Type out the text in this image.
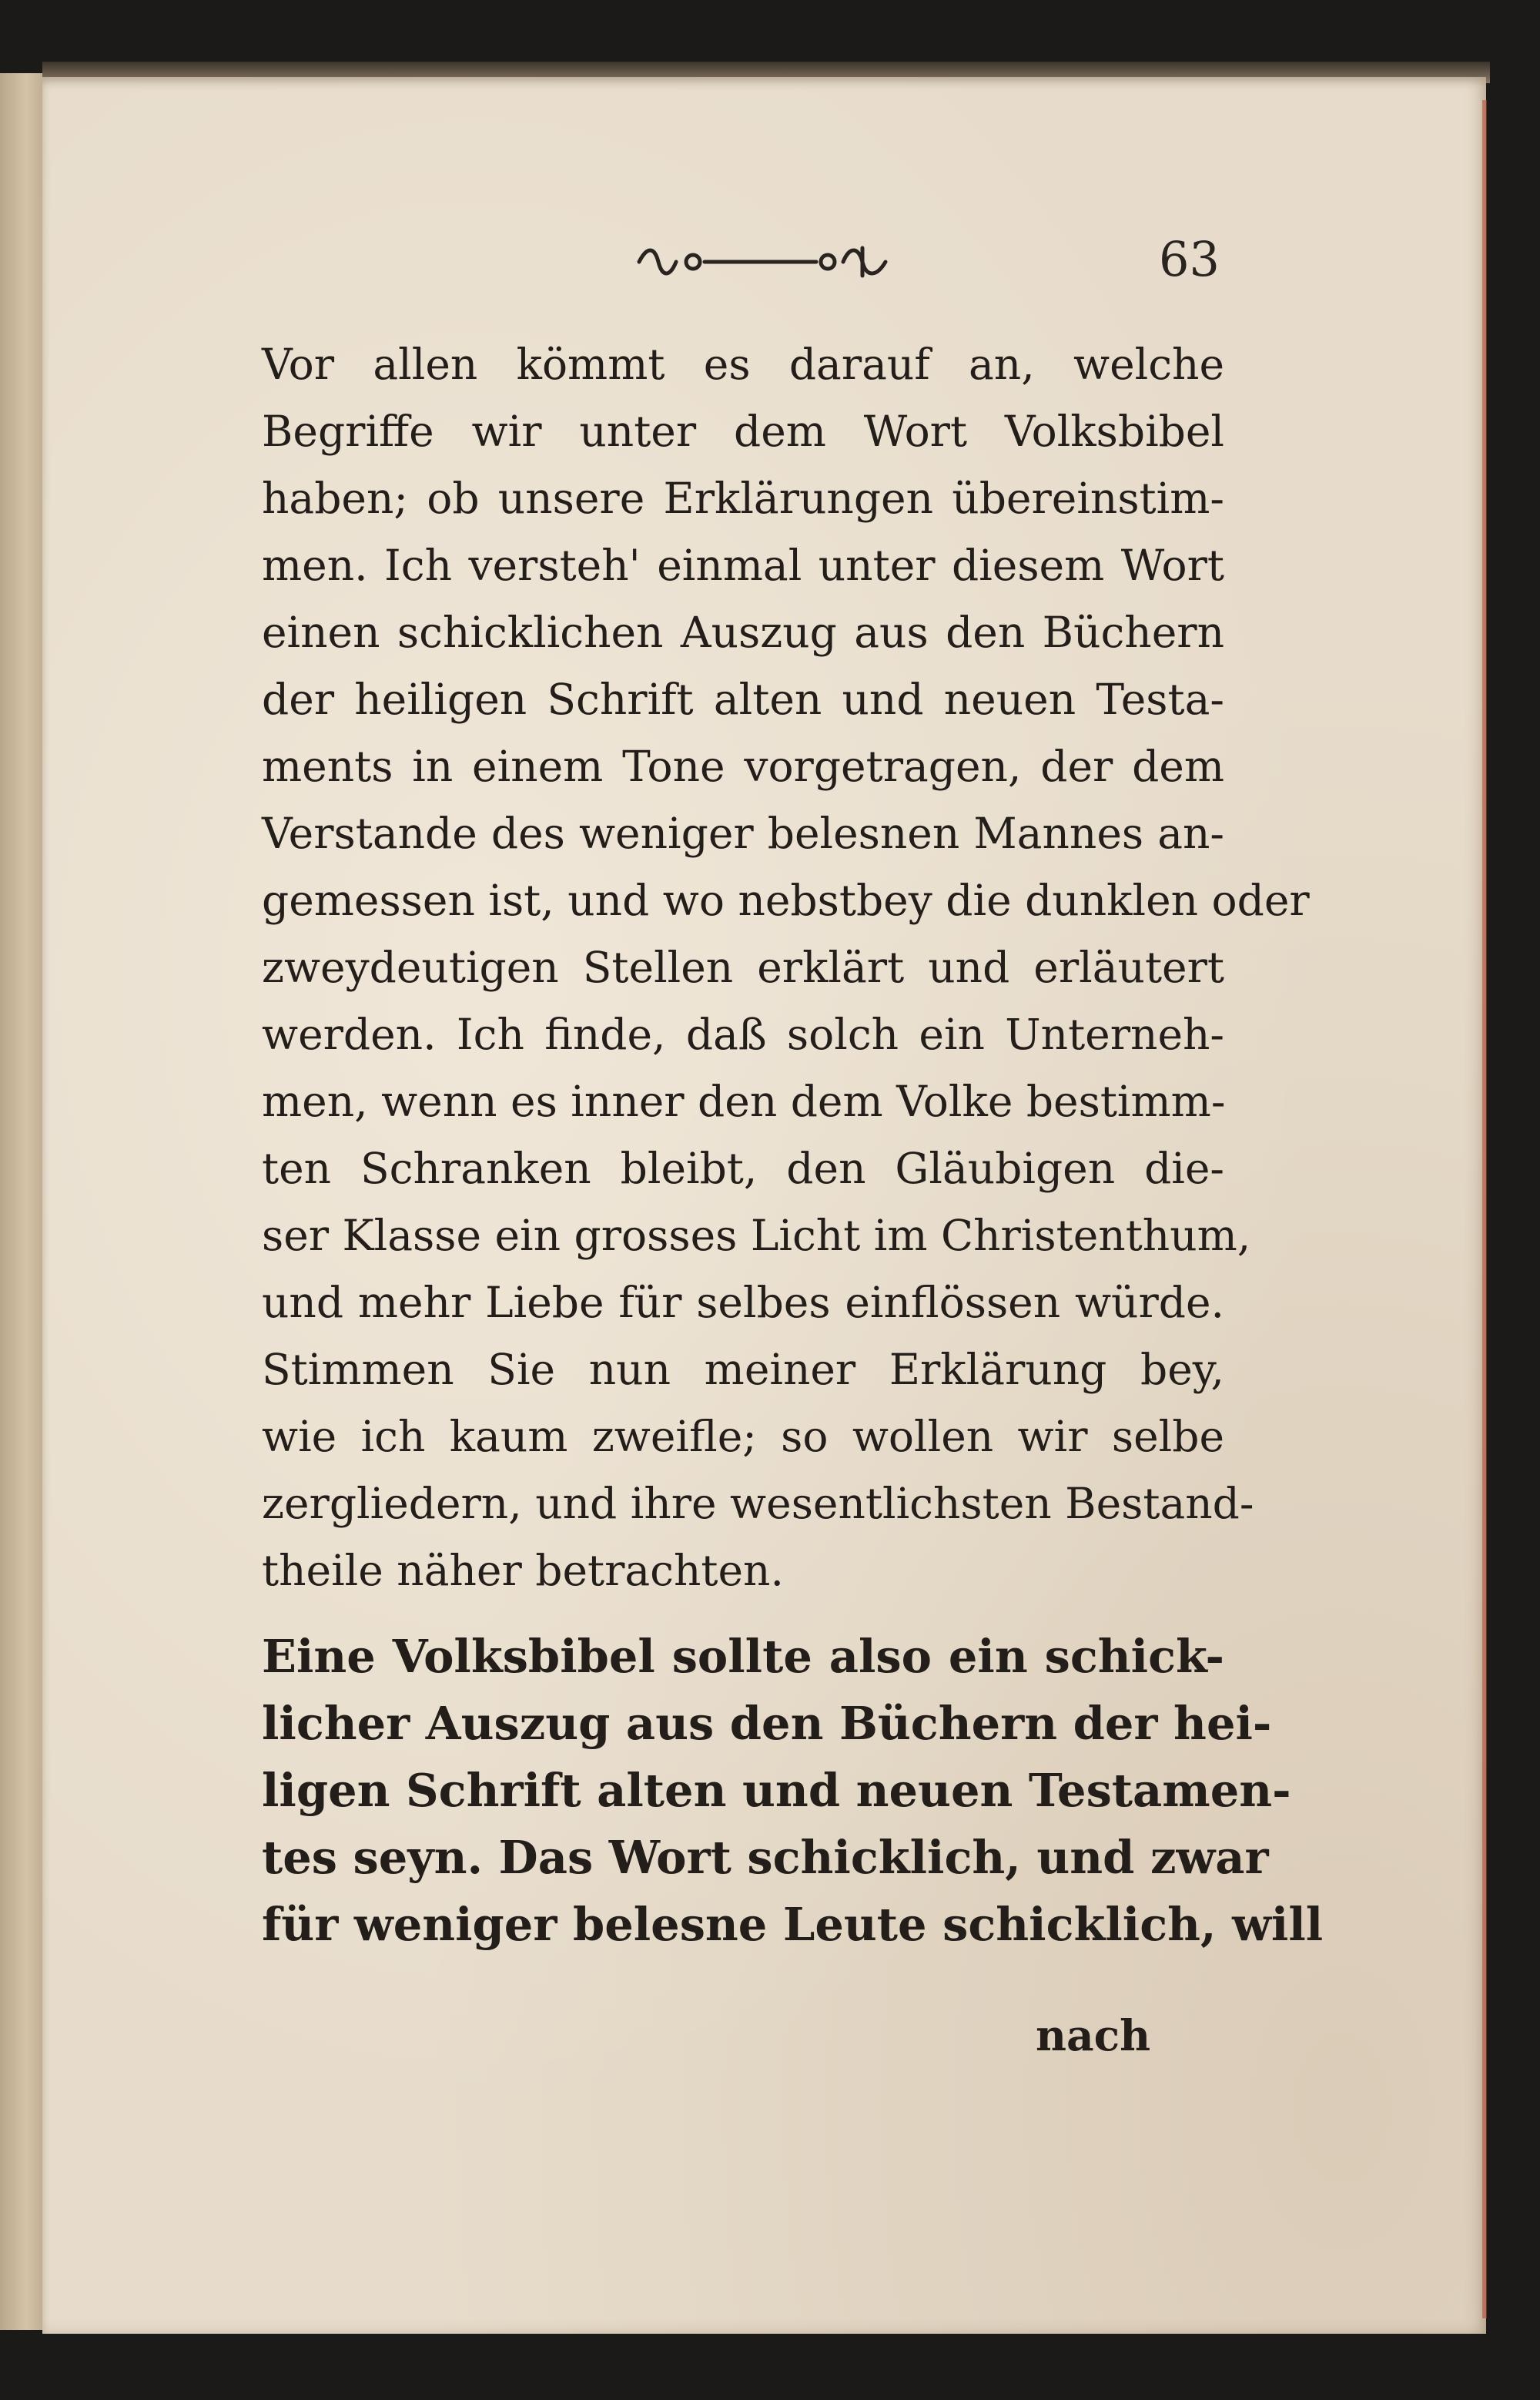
63
Vor allen kömmt es darauf an, welche
Begriffe wir unter dem Wort Volksbibel
haben; ob unsere Erklärungen übereinstim-
men. Ich versteh' einmal unter diesem Wort
einen schicklichen Auszug aus den Büchern
der heiligen Schrift alten und neuen Testa-
ments in einem Tone vorgetragen, der dem
Verstande des weniger belesnen Mannes an-
gemessen ist, und wo nebstbey die dunklen oder
zweydeutigen Stellen erklärt und erläutert
werden. Ich finde, daß solch ein Unterneh-
men, wenn es inner den dem Volke bestimm-
ten Schranken bleibt, den Gläubigen die-
ser Klasse ein grosses Licht im Christenthum,
und mehr Liebe für selbes einflössen würde.
Stimmen Sie nun meiner Erklärung bey,
wie ich kaum zweifle; so wollen wir selbe
zergliedern, und ihre wesentlichsten Bestand-
theile näher betrachten.
Eine Volksbibel sollte also ein schick-
licher Auszug aus den Büchern der hei-
ligen Schrift alten und neuen Testamen-
tes seyn. Das Wort schicklich, und zwar
für weniger belesne Leute schicklich, will
nach
